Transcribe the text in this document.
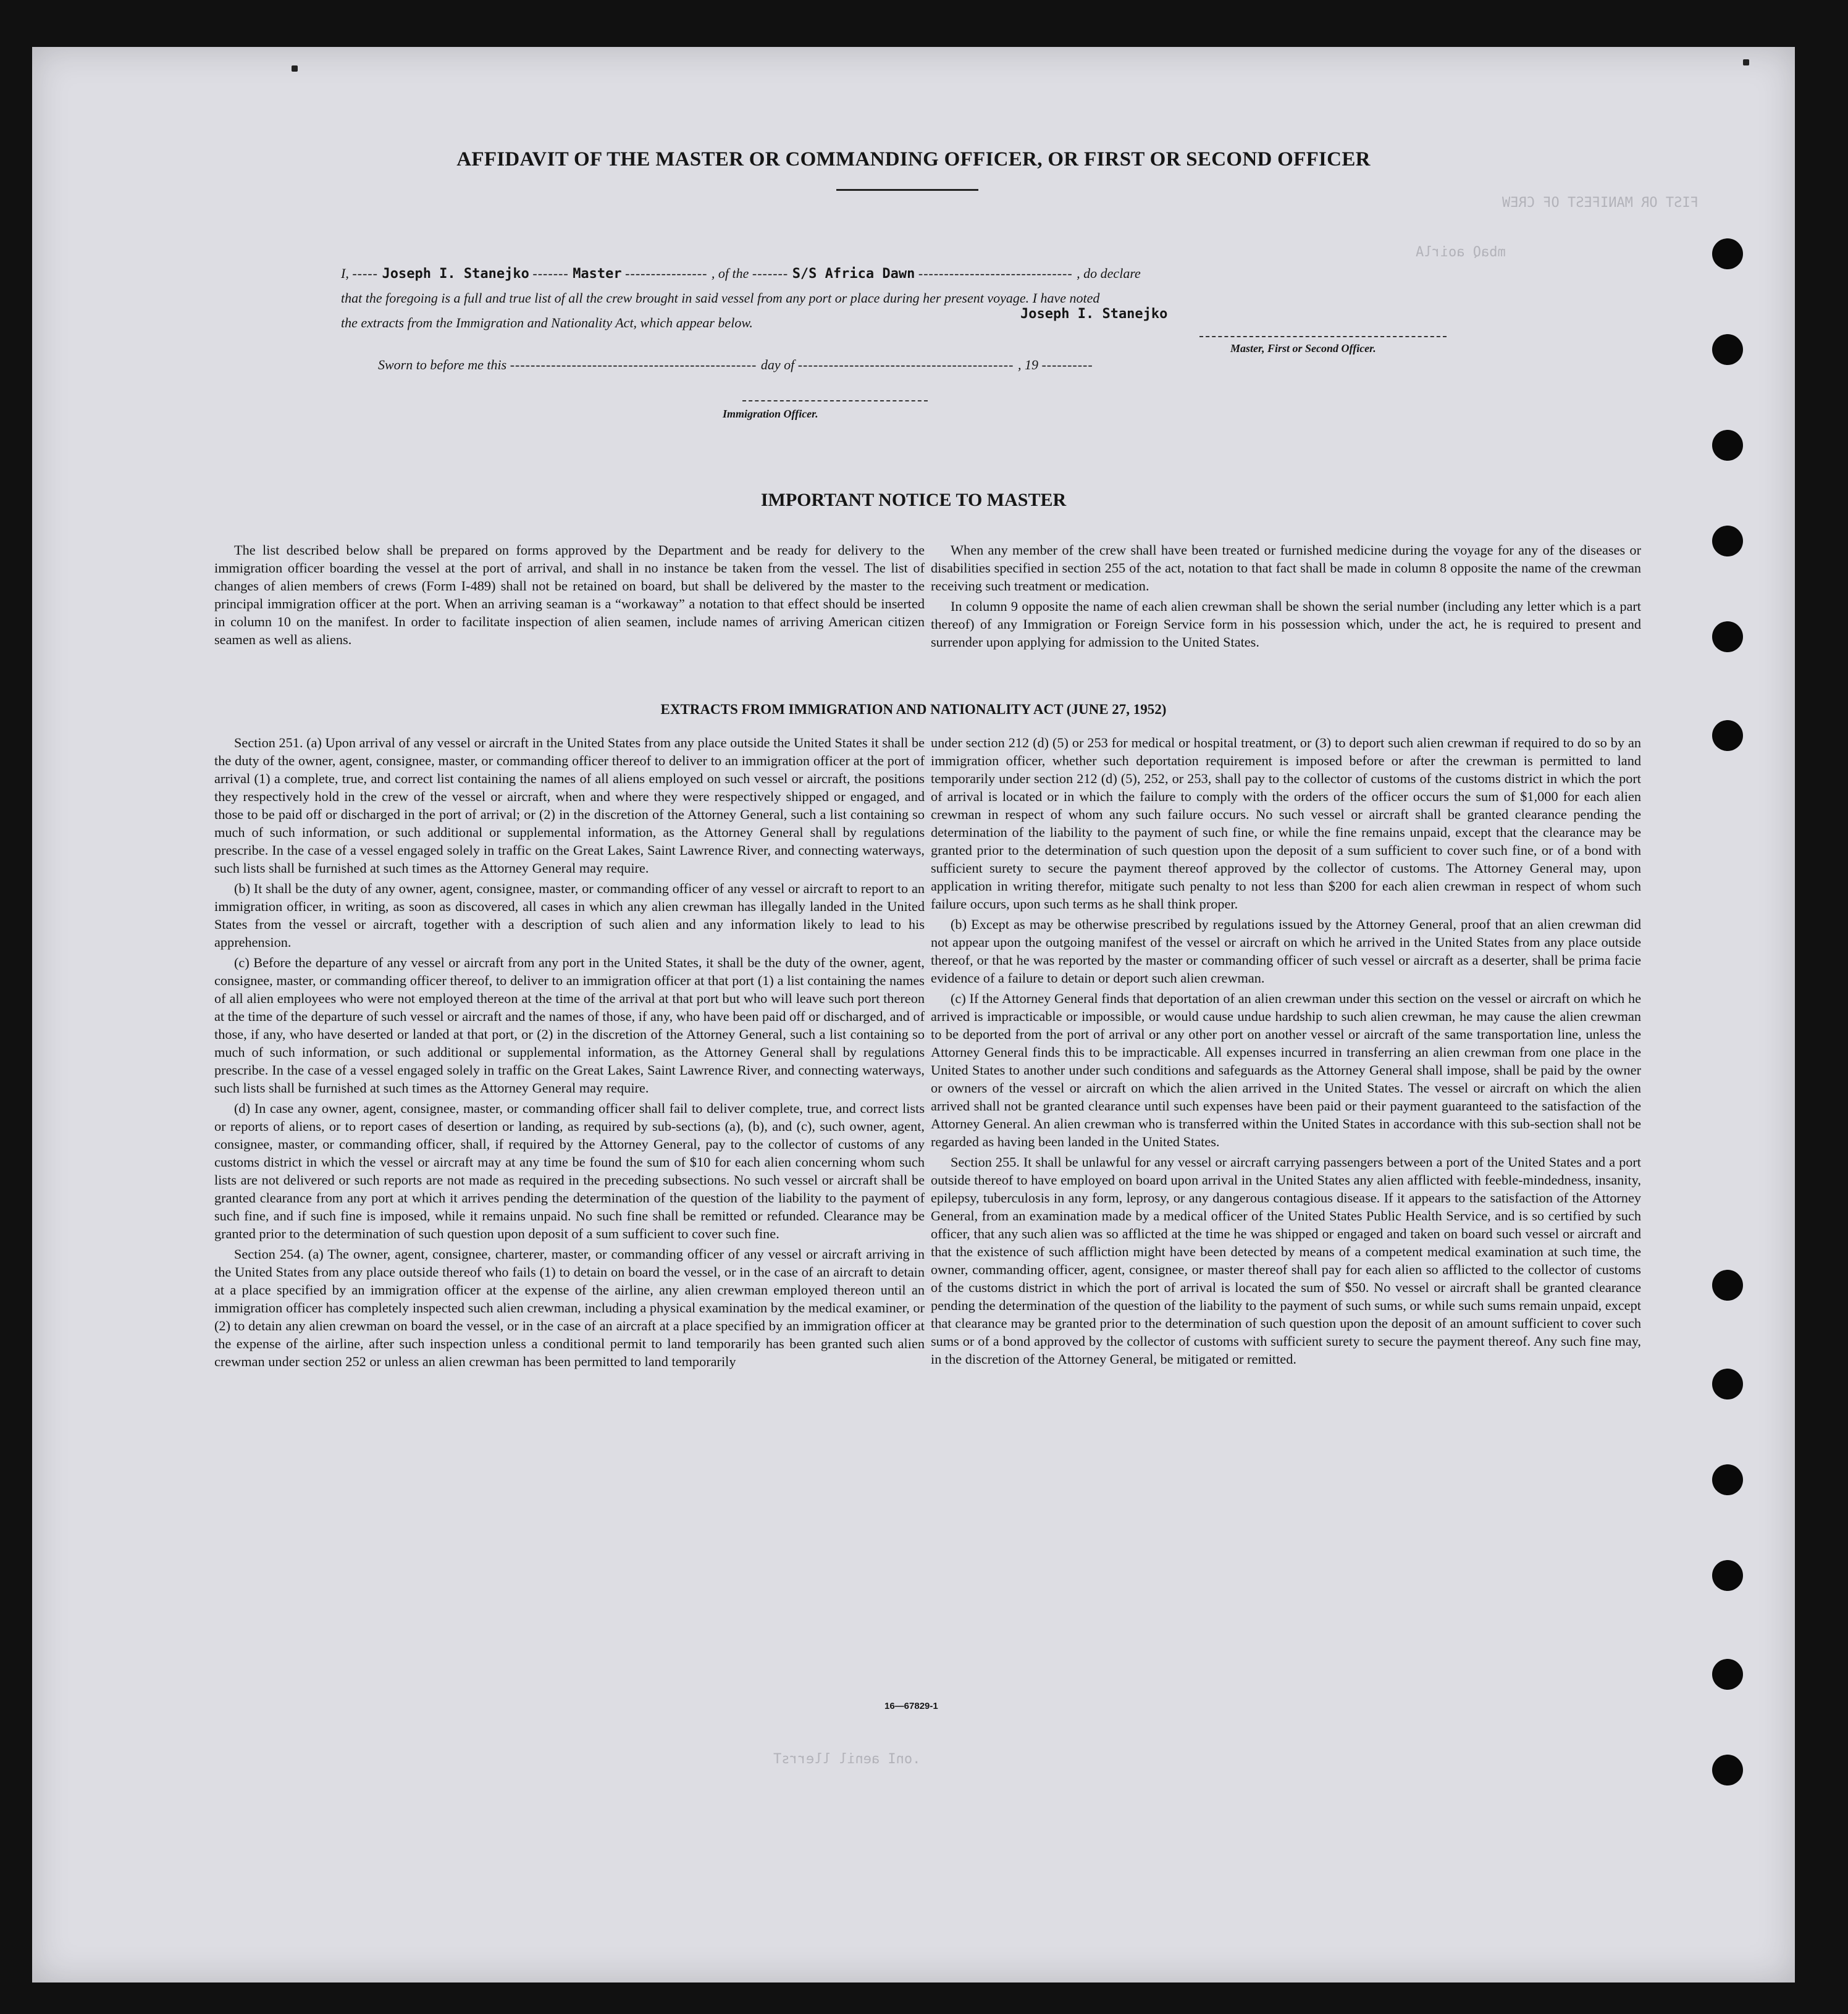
FIST OR MANIFEST OF CREW
mbaQ aoirlA
.onI aenil llerrsT
AFFIDAVIT OF THE MASTER OR COMMANDING OFFICER, OR FIRST OR SECOND OFFICER
I, ----- Joseph I. Stanejko ------- Master ---------------- , of the ------- S/S Africa Dawn ------------------------------ , do declare
that the foregoing is a full and true list of all the crew brought in said vessel from any port or place during her present voyage. I have noted
the extracts from the Immigration and Nationality Act, which appear below.
Joseph I. Stanejko
Master, First or Second Officer.
Sworn to before me this ------------------------------------------------ day of ------------------------------------------ , 19 ----------
Immigration Officer.
IMPORTANT NOTICE TO MASTER

The list described below shall be prepared on forms approved by the Department and be ready for delivery to the immigration officer boarding the vessel at the port of arrival, and shall in no instance be taken from the vessel. The list of changes of alien members of crews (Form I-489) shall not be retained on board, but shall be delivered by the master to the principal immigration officer at the port. When an arriving seaman is a “workaway” a notation to that effect should be inserted in column 10 on the manifest. In order to facilitate inspection of alien seamen, include names of arriving American citizen seamen as well as aliens.

When any member of the crew shall have been treated or furnished medicine during the voyage for any of the diseases or disabilities specified in section 255 of the act, notation to that fact shall be made in column 8 opposite the name of the crewman receiving such treatment or medication.

In column 9 opposite the name of each alien crewman shall be shown the serial number (including any letter which is a part thereof) of any Immigration or Foreign Service form in his possession which, under the act, he is required to present and surrender upon applying for admission to the United States.

EXTRACTS FROM IMMIGRATION AND NATIONALITY ACT (JUNE 27, 1952)

Section 251. (a) Upon arrival of any vessel or aircraft in the United States from any place outside the United States it shall be the duty of the owner, agent, consignee, master, or commanding officer thereof to deliver to an immigration officer at the port of arrival (1) a complete, true, and correct list containing the names of all aliens employed on such vessel or aircraft, the positions they respectively hold in the crew of the vessel or aircraft, when and where they were respectively shipped or engaged, and those to be paid off or discharged in the port of arrival; or (2) in the discretion of the Attorney General, such a list containing so much of such information, or such additional or supplemental information, as the Attorney General shall by regulations prescribe. In the case of a vessel engaged solely in traffic on the Great Lakes, Saint Lawrence River, and connecting waterways, such lists shall be furnished at such times as the Attorney General may require.

(b) It shall be the duty of any owner, agent, consignee, master, or commanding officer of any vessel or aircraft to report to an immigration officer, in writing, as soon as discovered, all cases in which any alien crewman has illegally landed in the United States from the vessel or aircraft, together with a description of such alien and any information likely to lead to his apprehension.

(c) Before the departure of any vessel or aircraft from any port in the United States, it shall be the duty of the owner, agent, consignee, master, or commanding officer thereof, to deliver to an immigration officer at that port (1) a list containing the names of all alien employees who were not employed thereon at the time of the arrival at that port but who will leave such port thereon at the time of the departure of such vessel or aircraft and the names of those, if any, who have been paid off or discharged, and of those, if any, who have deserted or landed at that port, or (2) in the discretion of the Attorney General, such a list containing so much of such information, or such additional or supplemental information, as the Attorney General shall by regulations prescribe. In the case of a vessel engaged solely in traffic on the Great Lakes, Saint Lawrence River, and connecting waterways, such lists shall be furnished at such times as the Attorney General may require.

(d) In case any owner, agent, consignee, master, or commanding officer shall fail to deliver complete, true, and correct lists or reports of aliens, or to report cases of desertion or landing, as required by sub-sections (a), (b), and (c), such owner, agent, consignee, master, or commanding officer, shall, if required by the Attorney General, pay to the collector of customs of any customs district in which the vessel or aircraft may at any time be found the sum of $10 for each alien concerning whom such lists are not delivered or such reports are not made as required in the preceding subsections. No such vessel or aircraft shall be granted clearance from any port at which it arrives pending the determination of the question of the liability to the payment of such fine, and if such fine is imposed, while it remains unpaid. No such fine shall be remitted or refunded. Clearance may be granted prior to the determination of such question upon deposit of a sum sufficient to cover such fine.

Section 254. (a) The owner, agent, consignee, charterer, master, or commanding officer of any vessel or aircraft arriving in the United States from any place outside thereof who fails (1) to detain on board the vessel, or in the case of an aircraft to detain at a place specified by an immigration officer at the expense of the airline, any alien crewman employed thereon until an immigration officer has completely inspected such alien crewman, including a physical examination by the medical examiner, or (2) to detain any alien crewman on board the vessel, or in the case of an aircraft at a place specified by an immigration officer at the expense of the airline, after such inspection unless a conditional permit to land temporarily has been granted such alien crewman under section 252 or unless an alien crewman has been permitted to land temporarily

under section 212 (d) (5) or 253 for medical or hospital treatment, or (3) to deport such alien crewman if required to do so by an immigration officer, whether such deportation requirement is imposed before or after the crewman is permitted to land temporarily under section 212 (d) (5), 252, or 253, shall pay to the collector of customs of the customs district in which the port of arrival is located or in which the failure to comply with the orders of the officer occurs the sum of $1,000 for each alien crewman in respect of whom any such failure occurs. No such vessel or aircraft shall be granted clearance pending the determination of the liability to the payment of such fine, or while the fine remains unpaid, except that the clearance may be granted prior to the determination of such question upon the deposit of a sum sufficient to cover such fine, or of a bond with sufficient surety to secure the payment thereof approved by the collector of customs. The Attorney General may, upon application in writing therefor, mitigate such penalty to not less than $200 for each alien crewman in respect of whom such failure occurs, upon such terms as he shall think proper.

(b) Except as may be otherwise prescribed by regulations issued by the Attorney General, proof that an alien crewman did not appear upon the outgoing manifest of the vessel or aircraft on which he arrived in the United States from any place outside thereof, or that he was reported by the master or commanding officer of such vessel or aircraft as a deserter, shall be prima facie evidence of a failure to detain or deport such alien crewman.

(c) If the Attorney General finds that deportation of an alien crewman under this section on the vessel or aircraft on which he arrived is impracticable or impossible, or would cause undue hardship to such alien crewman, he may cause the alien crewman to be deported from the port of arrival or any other port on another vessel or aircraft of the same transportation line, unless the Attorney General finds this to be impracticable. All expenses incurred in transferring an alien crewman from one place in the United States to another under such conditions and safeguards as the Attorney General shall impose, shall be paid by the owner or owners of the vessel or aircraft on which the alien arrived in the United States. The vessel or aircraft on which the alien arrived shall not be granted clearance until such expenses have been paid or their payment guaranteed to the satisfaction of the Attorney General. An alien crewman who is transferred within the United States in accordance with this sub-section shall not be regarded as having been landed in the United States.

Section 255. It shall be unlawful for any vessel or aircraft carrying passengers between a port of the United States and a port outside thereof to have employed on board upon arrival in the United States any alien afflicted with feeble-mindedness, insanity, epilepsy, tuberculosis in any form, leprosy, or any dangerous contagious disease. If it appears to the satisfaction of the Attorney General, from an examination made by a medical officer of the United States Public Health Service, and is so certified by such officer, that any such alien was so afflicted at the time he was shipped or engaged and taken on board such vessel or aircraft and that the existence of such affliction might have been detected by means of a competent medical examination at such time, the owner, commanding officer, agent, consignee, or master thereof shall pay for each alien so afflicted to the collector of customs of the customs district in which the port of arrival is located the sum of $50. No vessel or aircraft shall be granted clearance pending the determination of the question of the liability to the payment of such sums, or while such sums remain unpaid, except that clearance may be granted prior to the determination of such question upon the deposit of an amount sufficient to cover such sums or of a bond approved by the collector of customs with sufficient surety to secure the payment thereof. Any such fine may, in the discretion of the Attorney General, be mitigated or remitted.

16—67829-1
